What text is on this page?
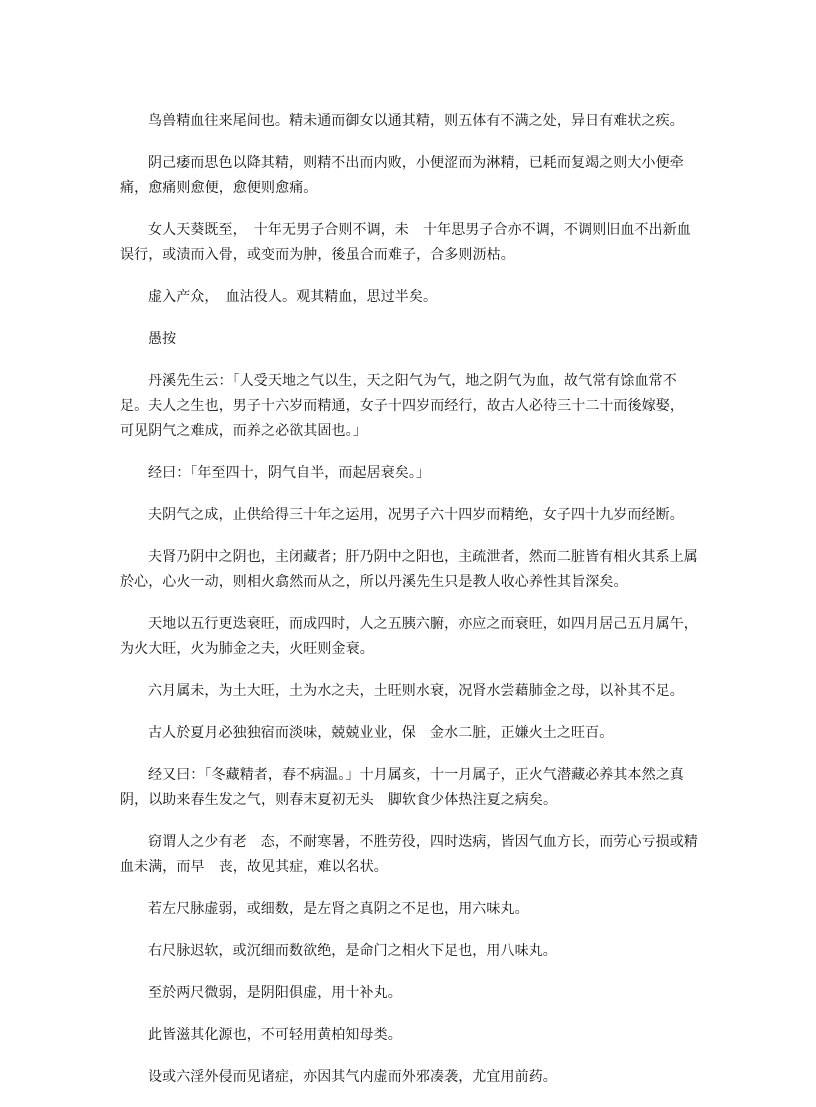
鸟兽精血往来尾间也。精未通而御女以通其精，则五体有不满之处，异日有难状之疾。

阴己痿而思色以降其精，则精不出而内败，小便涩而为淋精，已耗而复竭之则大小便牵痛，愈痛则愈便，愈便则愈痛。

女人天葵既至，　十年无男子合则不调，未　十年思男子合亦不调，不调则旧血不出新血误行，或渍而入骨，或变而为肿，後虽合而难子，合多则沥枯。

虚入产众，　血沽役人。观其精血，思过半矣。

愚按

丹溪先生云：「人受天地之气以生，天之阳气为气，地之阴气为血，故气常有馀血常不足。夫人之生也，男子十六岁而精通，女子十四岁而经行，故古人必待三十二十而後嫁娶，可见阴气之难成，而养之必欲其固也。」

经曰：「年至四十，阴气自半，而起居衰矣。」

夫阴气之成，止供给得三十年之运用，况男子六十四岁而精绝，女子四十九岁而经断。

夫肾乃阴中之阴也，主闭藏者；肝乃阴中之阳也，主疏泄者，然而二脏皆有相火其系上属於心，心火一动，则相火翕然而从之，所以丹溪先生只是教人收心养性其旨深矣。

天地以五行更迭衰旺，而成四时，人之五胰六腑，亦应之而衰旺，如四月居己五月属午，为火大旺，火为肺金之夫，火旺则金衰。

六月属未，为土大旺，土为水之夫，土旺则水衰，况肾水尝藉肺金之母，以补其不足。

古人於夏月必独独宿而淡味，兢兢业业，保　金水二脏，正嫌火土之旺百。

经又曰：「冬藏精者，春不病温。」十月属亥，十一月属子，正火气潜藏必养其本然之真阴，以助来春生发之气，则春末夏初无头　脚软食少体热注夏之病矣。

窃谓人之少有老　态，不耐寒暑，不胜劳役，四时迭病，皆因气血方长，而劳心亏损或精血未满，而早　丧，故见其症，难以名状。

若左尺脉虚弱，或细数，是左肾之真阴之不足也，用六味丸。

右尺脉迟软，或沉细而数欲绝，是命门之相火下足也，用八味丸。

至於两尺微弱，是阴阳俱虚，用十补丸。

此皆滋其化源也，不可轻用黄柏知母类。

设或六淫外侵而见诸症，亦因其气内虚而外邪凑袭，尤宜用前药。
